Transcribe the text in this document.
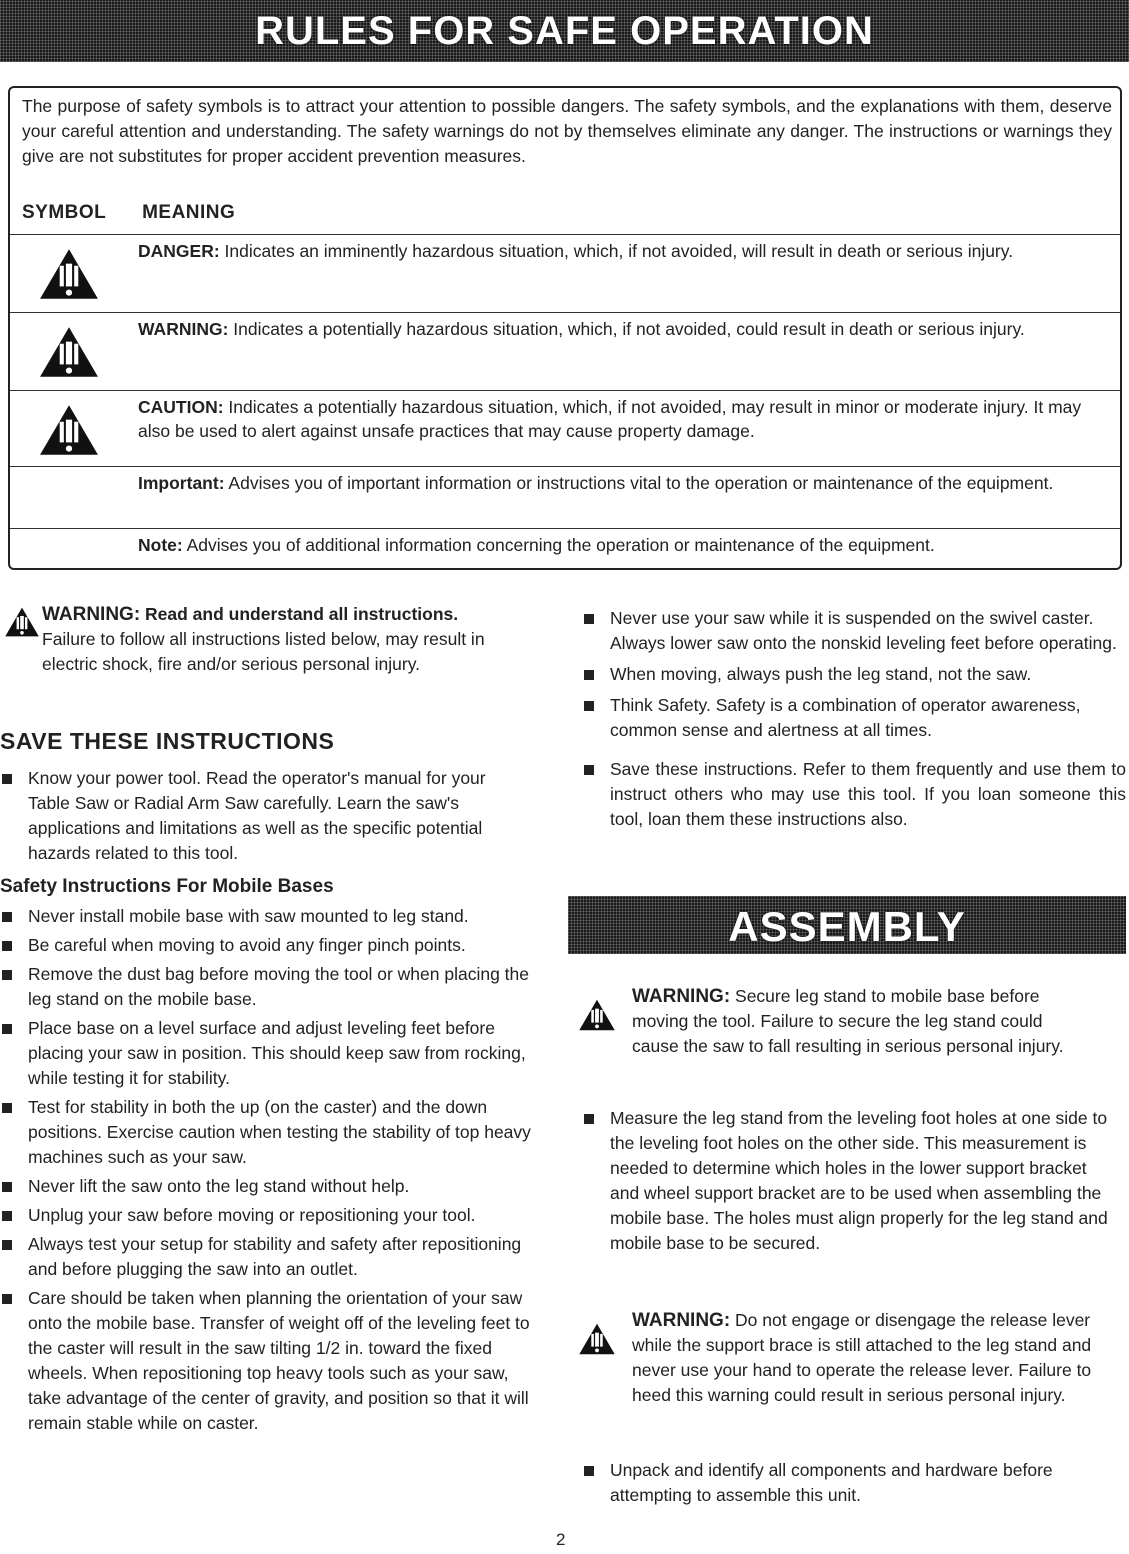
RULES FOR SAFE OPERATION
The purpose of safety symbols is to attract your attention to possible dangers. The safety symbols, and the explanations with them, deserve your careful attention and understanding. The safety warnings do not by themselves eliminate any danger. The instructions or warnings they give are not substitutes for proper accident prevention measures.
SYMBOL MEANING
DANGER: Indicates an imminently hazardous situation, which, if not avoided, will result in death or serious injury.
WARNING: Indicates a potentially hazardous situation, which, if not avoided, could result in death or serious injury.
CAUTION: Indicates a potentially hazardous situation, which, if not avoided, may result in minor or moderate injury. It may also be used to alert against unsafe practices that may cause property damage.
Important: Advises you of important information or instructions vital to the operation or maintenance of the equipment.
Note: Advises you of additional information concerning the operation or maintenance of the equipment.
WARNING: Read and understand all instructions.
Failure to follow all instructions listed below, may result in electric shock, fire and/or serious personal injury.
SAVE THESE INSTRUCTIONS

Know your power tool. Read the operator's manual for your Table Saw or Radial Arm Saw carefully. Learn the saw's applications and limitations as well as the specific potential hazards related to this tool.

Safety Instructions For Mobile Bases

Never install mobile base with saw mounted to leg stand.

Be careful when moving to avoid any finger pinch points.

Remove the dust bag before moving the tool or when placing the leg stand on the mobile base.

Place base on a level surface and adjust leveling feet before placing your saw in position. This should keep saw from rocking, while testing it for stability.

Test for stability in both the up (on the caster) and the down positions. Exercise caution when testing the stability of top heavy machines such as your saw.

Never lift the saw onto the leg stand without help.

Unplug your saw before moving or repositioning your tool.

Always test your setup for stability and safety after repositioning and before plugging the saw into an outlet.

Care should be taken when planning the orientation of your saw onto the mobile base. Transfer of weight off of the leveling feet to the caster will result in the saw tilting 1/2 in. toward the fixed wheels. When repositioning top heavy tools such as your saw, take advantage of the center of gravity, and position so that it will remain stable while on caster.

Never use your saw while it is suspended on the swivel caster. Always lower saw onto the nonskid leveling feet before operating.

When moving, always push the leg stand, not the saw.

Think Safety. Safety is a combination of operator awareness, common sense and alertness at all times.

Save these instructions. Refer to them frequently and use them to instruct others who may use this tool. If you loan someone this tool, loan them these instructions also.

ASSEMBLY
WARNING: Secure leg stand to mobile base before moving the tool. Failure to secure the leg stand could cause the saw to fall resulting in serious personal injury.

Measure the leg stand from the leveling foot holes at one side to the leveling foot holes on the other side. This measurement is needed to determine which holes in the lower support bracket and wheel support bracket are to be used when assembling the mobile base. The holes must align properly for the leg stand and mobile base to be secured.

WARNING: Do not engage or disengage the release lever while the support brace is still attached to the leg stand and never use your hand to operate the release lever. Failure to heed this warning could result in serious personal injury.

Unpack and identify all components and hardware before attempting to assemble this unit.

2
